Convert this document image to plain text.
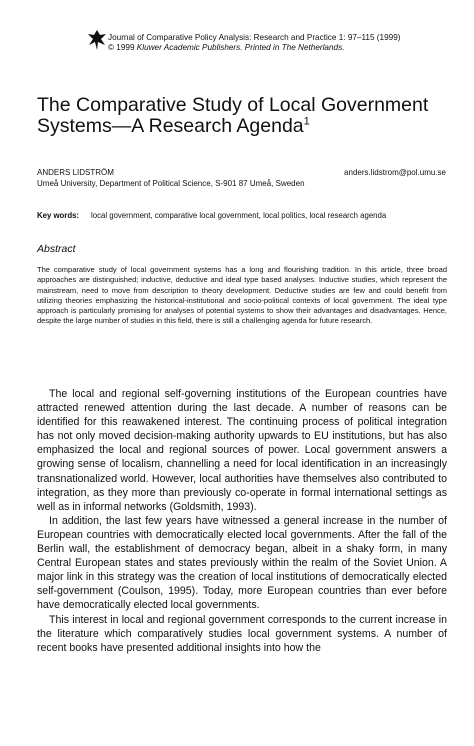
Journal of Comparative Policy Analysis: Research and Practice 1: 97–115 (1999)
© 1999 Kluwer Academic Publishers. Printed in The Netherlands.
The Comparative Study of Local Government
Systems—A Research Agenda$^1$
ANDERS LIDSTRÖM	anders.lidstrom@pol.umu.se
Umeå University, Department of Political Science, S-901 87 Umeå, Sweden
Key words: local government, comparative local government, local politics, local research agenda
Abstract

The comparative study of local government systems has a long and flourishing tradition. In this article, three broad approaches are distinguished; inductive, deductive and ideal type based analyses. Inductive studies, which represent the mainstream, need to move from description to theory development. Deductive studies are few and could benefit from utilizing theories emphasizing the historical-institutional and socio-political contexts of local government. The ideal type approach is particularly promising for analyses of potential systems to show their advantages and disadvantages. Hence, despite the large number of studies in this field, there is still a challenging agenda for future research.

The local and regional self-governing institutions of the European countries have attracted renewed attention during the last decade. A number of reasons can be identified for this reawakened interest. The continuing process of political integration has not only moved decision-making authority upwards to EU institutions, but has also emphasized the local and regional sources of power. Local government answers a growing sense of localism, channelling a need for local identification in an increasingly transnationalized world. However, local authorities have themselves also contributed to integration, as they more than previously co-operate in formal international settings as well as in informal networks (Goldsmith, 1993).

In addition, the last few years have witnessed a general increase in the number of European countries with democratically elected local governments. After the fall of the Berlin wall, the establishment of democracy began, albeit in a shaky form, in many Central European states and states previously within the realm of the Soviet Union. A major link in this strategy was the creation of local institutions of democratically elected self-government (Coulson, 1995). Today, more European countries than ever before have democratically elected local governments.

This interest in local and regional government corresponds to the current increase in the literature which comparatively studies local government systems. A number of recent books have presented additional insights into how the
